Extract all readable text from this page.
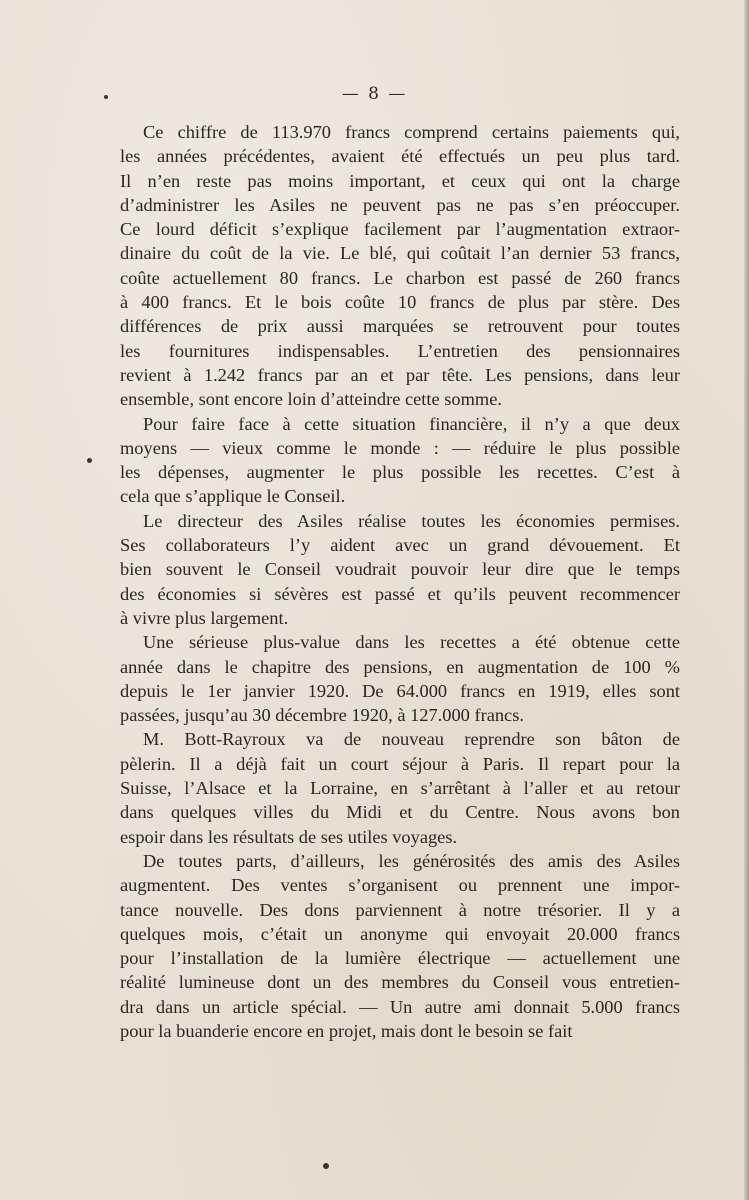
— 8 —
Ce chiffre de 113.970 francs comprend certains paiements qui,
les années précédentes, avaient été effectués un peu plus tard.
Il n’en reste pas moins important, et ceux qui ont la charge
d’administrer les Asiles ne peuvent pas ne pas s’en préoccuper.
Ce lourd déficit s’explique facilement par l’augmentation extraor-
dinaire du coût de la vie. Le blé, qui coûtait l’an dernier 53 francs,
coûte actuellement 80 francs. Le charbon est passé de 260 francs
à 400 francs. Et le bois coûte 10 francs de plus par stère. Des
différences de prix aussi marquées se retrouvent pour toutes
les fournitures indispensables. L’entretien des pensionnaires
revient à 1.242 francs par an et par tête. Les pensions, dans leur
ensemble, sont encore loin d’atteindre cette somme.
Pour faire face à cette situation financière, il n’y a que deux
moyens — vieux comme le monde : — réduire le plus possible
les dépenses, augmenter le plus possible les recettes. C’est à
cela que s’applique le Conseil.
Le directeur des Asiles réalise toutes les économies permises.
Ses collaborateurs l’y aident avec un grand dévouement. Et
bien souvent le Conseil voudrait pouvoir leur dire que le temps
des économies si sévères est passé et qu’ils peuvent recommencer
à vivre plus largement.
Une sérieuse plus-value dans les recettes a été obtenue cette
année dans le chapitre des pensions, en augmentation de 100 %
depuis le 1er janvier 1920. De 64.000 francs en 1919, elles sont
passées, jusqu’au 30 décembre 1920, à 127.000 francs.
M. Bott-Rayroux va de nouveau reprendre son bâton de
pèlerin. Il a déjà fait un court séjour à Paris. Il repart pour la
Suisse, l’Alsace et la Lorraine, en s’arrêtant à l’aller et au retour
dans quelques villes du Midi et du Centre. Nous avons bon
espoir dans les résultats de ses utiles voyages.
De toutes parts, d’ailleurs, les générosités des amis des Asiles
augmentent. Des ventes s’organisent ou prennent une impor-
tance nouvelle. Des dons parviennent à notre trésorier. Il y a
quelques mois, c’était un anonyme qui envoyait 20.000 francs
pour l’installation de la lumière électrique — actuellement une
réalité lumineuse dont un des membres du Conseil vous entretien-
dra dans un article spécial. — Un autre ami donnait 5.000 francs
pour la buanderie encore en projet, mais dont le besoin se fait
